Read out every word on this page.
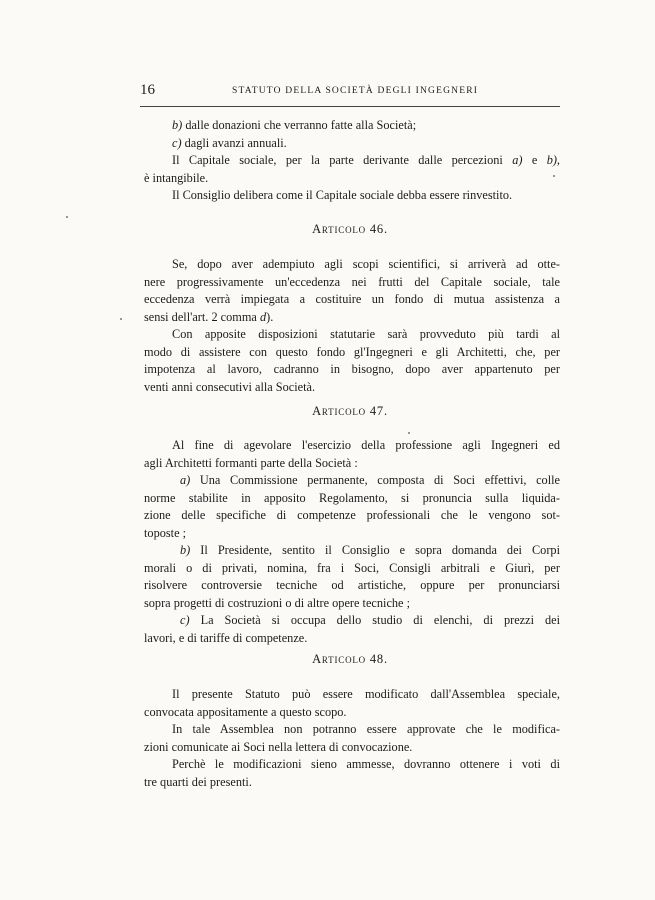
16	STATUTO DELLA SOCIETÀ DEGLI INGEGNERI
b) dalle donazioni che verranno fatte alla Società;
c) dagli avanzi annuali.
Il Capitale sociale, per la parte derivante dalle percezioni a) e b),
è intangibile.
Il Consiglio delibera come il Capitale sociale debba essere rinvestito.
Articolo 46.
Se, dopo aver adempiuto agli scopi scientifici, si arriverà ad otte-
nere progressivamente un'eccedenza nei frutti del Capitale sociale, tale
eccedenza verrà impiegata a costituire un fondo di mutua assistenza a
sensi dell'art. 2 comma d).
Con apposite disposizioni statutarie sarà provveduto più tardi al
modo di assistere con questo fondo gl'Ingegneri e gli Architetti, che, per
impotenza al lavoro, cadranno in bisogno, dopo aver appartenuto per
venti anni consecutivi alla Società.
Articolo 47.
Al fine di agevolare l'esercizio della professione agli Ingegneri ed
agli Architetti formanti parte della Società :
a) Una Commissione permanente, composta di Soci effettivi, colle
norme stabilite in apposito Regolamento, si pronuncia sulla liquida-
zione delle specifiche di competenze professionali che le vengono sot-
toposte ;
b) Il Presidente, sentito il Consiglio e sopra domanda dei Corpi
morali o di privati, nomina, fra i Soci, Consigli arbitrali e Giurì, per
risolvere controversie tecniche od artistiche, oppure per pronunciarsi
sopra progetti di costruzioni o di altre opere tecniche ;
c) La Società si occupa dello studio di elenchi, di prezzi dei
lavori, e di tariffe di competenze.
Articolo 48.
Il presente Statuto può essere modificato dall'Assemblea speciale,
convocata appositamente a questo scopo.
In tale Assemblea non potranno essere approvate che le modifica-
zioni comunicate ai Soci nella lettera di convocazione.
Perchè le modificazioni sieno ammesse, dovranno ottenere i voti di
tre quarti dei presenti.
